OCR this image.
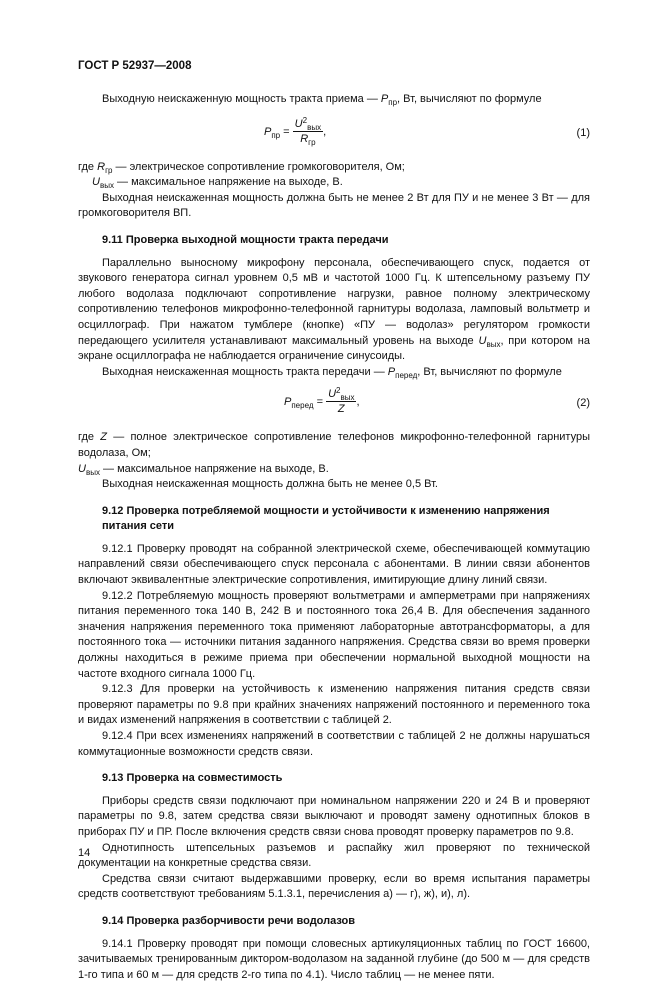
ГОСТ Р 52937—2008

Выходную неискаженную мощность тракта приема — $P_{пр}$, Вт, вычисляют по формуле

$P_{пр} = \frac{U^2_{вых}}{R_{гр}}$ ,	(1)

где $R_{гр}$ — электрическое сопротивление громкоговорителя, Ом;

$U_{вых}$ — максимальное напряжение на выходе, В.

Выходная неискаженная мощность должна быть не менее 2 Вт для ПУ и не менее 3 Вт — для громкоговорителя ВП.

9.11 Проверка выходной мощности тракта передачи

Параллельно выносному микрофону персонала, обеспечивающего спуск, подается от звукового генератора сигнал уровнем 0,5 мВ и частотой 1000 Гц. К штепсельному разъему ПУ любого водолаза подключают сопротивление нагрузки, равное полному электрическому сопротивлению телефонов микрофонно-телефонной гарнитуры водолаза, ламповый вольтметр и осциллограф. При нажатом тумблере (кнопке) «ПУ — водолаз» регулятором громкости передающего усилителя устанавливают максимальный уровень на выходе $U_{вых}$, при котором на экране осциллографа не наблюдается ограничение синусоиды.

Выходная неискаженная мощность тракта передачи — $P_{перед}$, Вт, вычисляют по формуле

$P_{перед} = \frac{U^2_{вых}}{Z}$ ,	(2)

где Z — полное электрическое сопротивление телефонов микрофонно-телефонной гарнитуры водолаза, Ом;

$U_{вых}$ — максимальное напряжение на выходе, В.

Выходная неискаженная мощность должна быть не менее 0,5 Вт.

9.12 Проверка потребляемой мощности и устойчивости к изменению напряжения питания сети

9.12.1 Проверку проводят на собранной электрической схеме, обеспечивающей коммутацию направлений связи обеспечивающего спуск персонала с абонентами. В линии связи абонентов включают эквивалентные электрические сопротивления, имитирующие длину линий связи.

9.12.2 Потребляемую мощность проверяют вольтметрами и амперметрами при напряжениях питания переменного тока 140 В, 242 В и постоянного тока 26,4 В. Для обеспечения заданного значения напряжения переменного тока применяют лабораторные автотрансформаторы, а для постоянного тока — источники питания заданного напряжения. Средства связи во время проверки должны находиться в режиме приема при обеспечении нормальной выходной мощности на частоте входного сигнала 1000 Гц.

9.12.3 Для проверки на устойчивость к изменению напряжения питания средств связи проверяют параметры по 9.8 при крайних значениях напряжений постоянного и переменного тока и видах изменений напряжения в соответствии с таблицей 2.

9.12.4 При всех изменениях напряжений в соответствии с таблицей 2 не должны нарушаться коммутационные возможности средств связи.

9.13 Проверка на совместимость

Приборы средств связи подключают при номинальном напряжении 220 и 24 В и проверяют параметры по 9.8, затем средства связи выключают и проводят замену однотипных блоков в приборах ПУ и ПР. После включения средств связи снова проводят проверку параметров по 9.8.

Однотипность штепсельных разъемов и распайку жил проверяют по технической документации на конкретные средства связи.

Средства связи считают выдержавшими проверку, если во время испытания параметры средств соответствуют требованиям 5.1.3.1, перечисления а) — г), ж), и), л).

9.14 Проверка разборчивости речи водолазов

9.14.1 Проверку проводят при помощи словесных артикуляционных таблиц по ГОСТ 16600, зачитываемых тренированным диктором-водолазом на заданной глубине (до 500 м — для средств 1-го типа и 60 м — для средств 2-го типа по 4.1). Число таблиц — не менее пяти.

14
